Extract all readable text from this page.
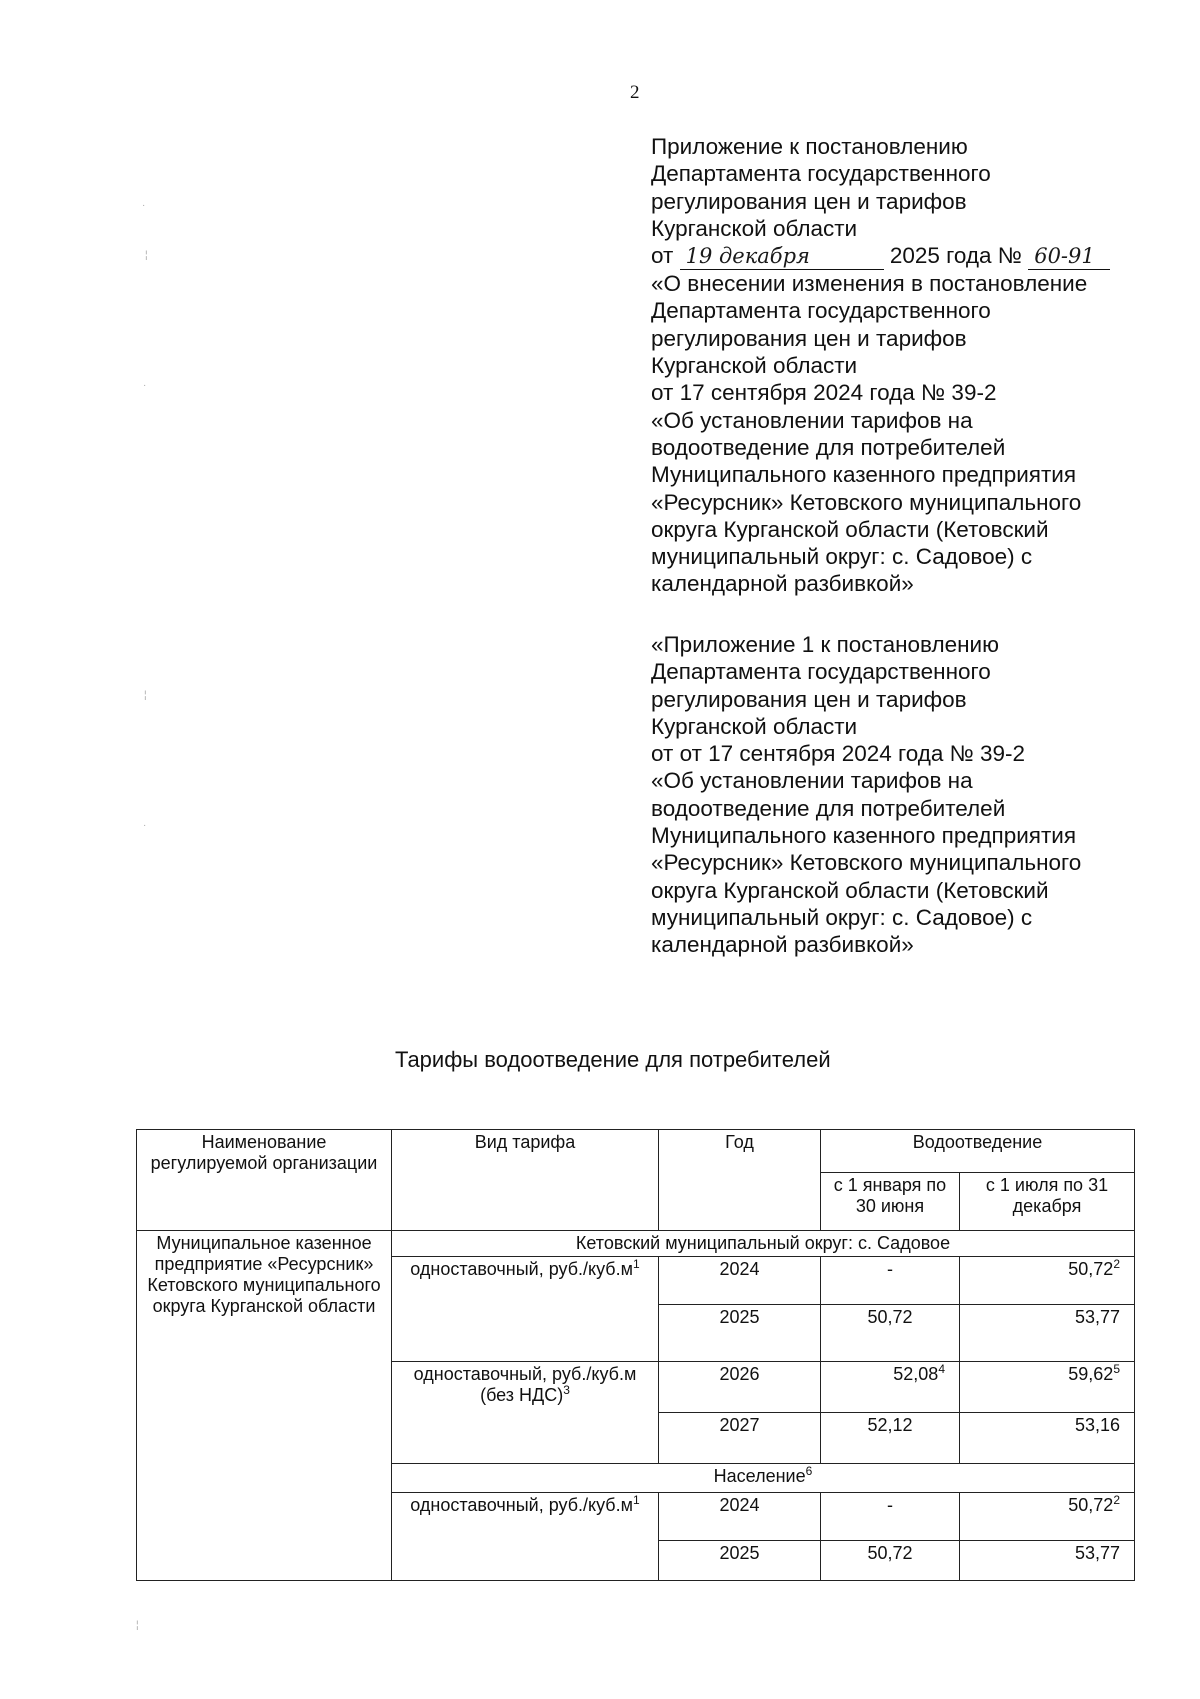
2
Приложение к постановлению
Департамента государственного
регулирования цен и тарифов
Курганской области
от 19 декабря	2025 года № 60-91
«О внесении изменения в постановление
Департамента государственного
регулирования цен и тарифов
Курганской области
от 17 сентября 2024 года № 39-2
«Об установлении тарифов на
водоотведение для потребителей
Муниципального казенного предприятия
«Ресурсник» Кетовского муниципального
округа Курганской области (Кетовский
муниципальный округ: с. Садовое) с
календарной разбивкой»
«Приложение 1 к постановлению
Департамента государственного
регулирования цен и тарифов
Курганской области
от от 17 сентября 2024 года № 39-2
«Об установлении тарифов на
водоотведение для потребителей
Муниципального казенного предприятия
«Ресурсник» Кетовского муниципального
округа Курганской области (Кетовский
муниципальный округ: с. Садовое) с
календарной разбивкой»
Тарифы водоотведение для потребителей
Наименование регулируемой организации	Вид тарифа	Год	Водоотведение	
			с 1 января по 30 июня	с 1 июля по 31 декабря
Муниципальное казенное предприятие «Ресурсник» Кетовского муниципального округа Курганской области	Кетовский муниципальный округ: с. Садовое			
	одноставочный, $руб./куб.м^1$	2024	-	50,72$^2$
		2025	50,72	53,77
	одноставочный, руб./куб.м (без НДС)$^3$	2026	52,08$^4$	59,62$^5$
		2027	52,12	53,16
	Население$^6$
	одноставочный, $руб./куб.м^1$	2024	-	50,72$^2$
		2025	50,72	53,77
·
¦
·
¦
·
¦
